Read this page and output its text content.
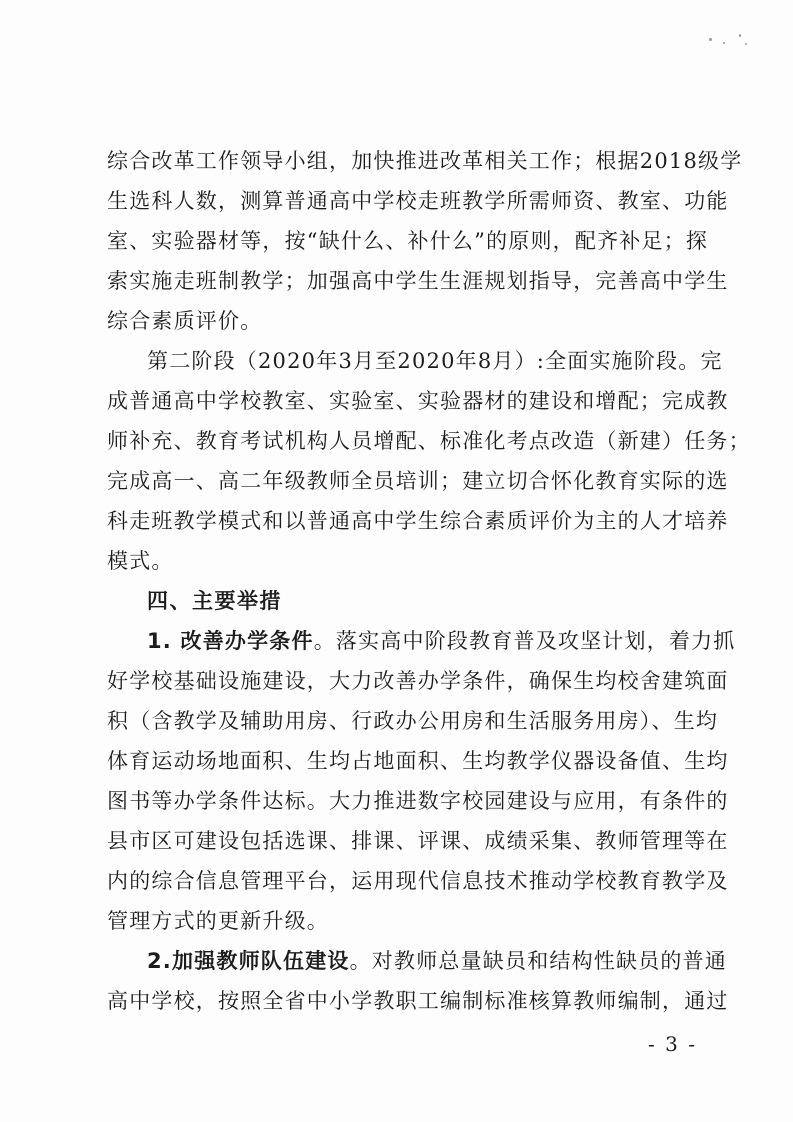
综合改革工作领导小组，加快推进改革相关工作；根据2018级学
生选科人数，测算普通高中学校走班教学所需师资、教室、功能
室、实验器材等，按“缺什么、补什么”的原则，配齐补足；探
索实施走班制教学；加强高中学生生涯规划指导，完善高中学生
综合素质评价。
第二阶段（2020年3月至2020年8月）:全面实施阶段。完
成普通高中学校教室、实验室、实验器材的建设和增配；完成教
师补充、教育考试机构人员增配、标准化考点改造（新建）任务；
完成高一、高二年级教师全员培训；建立切合怀化教育实际的选
科走班教学模式和以普通高中学生综合素质评价为主的人才培养
模式。
四、主要举措
1. 改善办学条件。落实高中阶段教育普及攻坚计划，着力抓
好学校基础设施建设，大力改善办学条件，确保生均校舍建筑面
积（含教学及辅助用房、行政办公用房和生活服务用房）、生均
体育运动场地面积、生均占地面积、生均教学仪器设备值、生均
图书等办学条件达标。大力推进数字校园建设与应用，有条件的
县市区可建设包括选课、排课、评课、成绩采集、教师管理等在
内的综合信息管理平台，运用现代信息技术推动学校教育教学及
管理方式的更新升级。
2.加强教师队伍建设。对教师总量缺员和结构性缺员的普通
高中学校，按照全省中小学教职工编制标准核算教师编制，通过
- 3 -
